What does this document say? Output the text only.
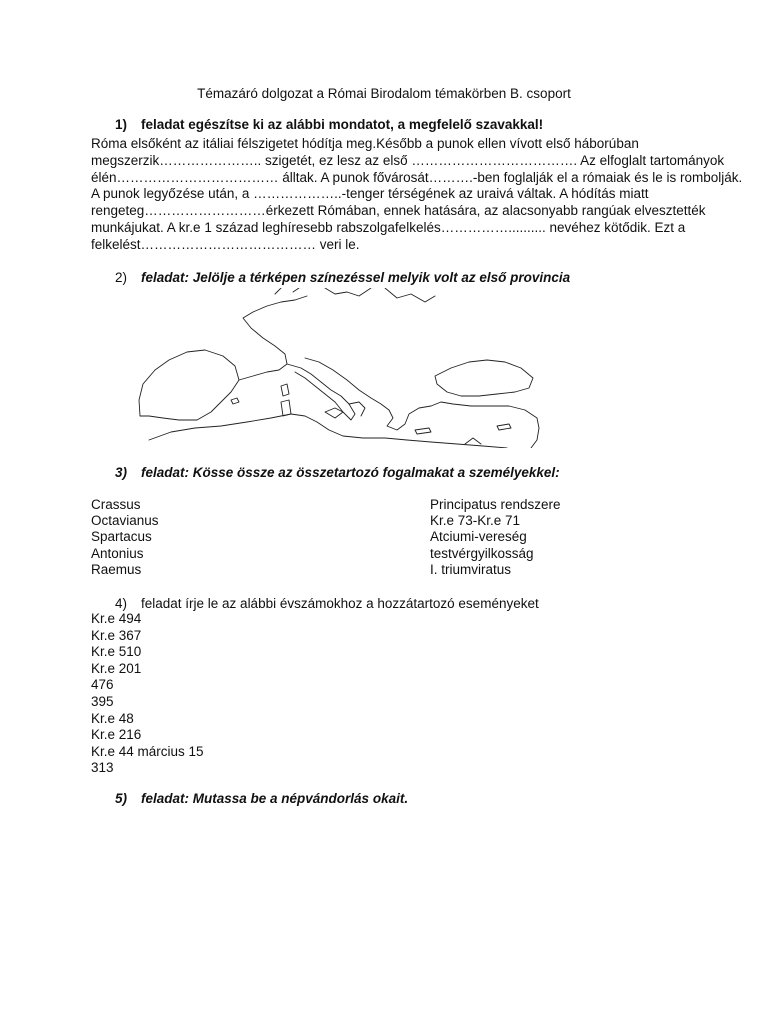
Témazáró dolgozat a Római Birodalom témakörben B. csoport
1) feladat egészítse ki az alábbi mondatot, a megfelelő szavakkal!
Róma elsőként az itáliai félszigetet hódítja meg.Később a punok ellen vívott első háborúban
megszerzik………………….. szigetét, ez lesz az első ………………………………. Az elfoglalt tartományok
élén……………………………… álltak. A punok fővárosát……….-ben foglalják el a rómaiak és le is rombolják.
A punok legyőzése után, a ………………..-tenger térségének az uraivá váltak. A hódítás miatt
rengeteg………………………érkezett Rómában, ennek hatására, az alacsonyabb rangúak elvesztették
munkájukat. A kr.e 1 század leghíresebb rabszolgafelkelés…………….......... nevéhez kötődik. Ezt a
felkelést………………………………… veri le.
2) feladat: Jelölje a térképen színezéssel melyik volt az első provincia
3) feladat: Kösse össze az összetartozó fogalmakat a személyekkel:
Crassus
Octavianus
Spartacus
Antonius
Raemus
Principatus rendszere
Kr.e 73-Kr.e 71
Atciumi-vereség
testvérgyilkosság
I. triumviratus
4) feladat írje le az alábbi évszámokhoz a hozzátartozó eseményeket
Kr.e 494
Kr.e 367
Kr.e 510
Kr.e 201
476
395
Kr.e 48
Kr.e 216
Kr.e 44 március 15
313
5) feladat: Mutassa be a népvándorlás okait.
